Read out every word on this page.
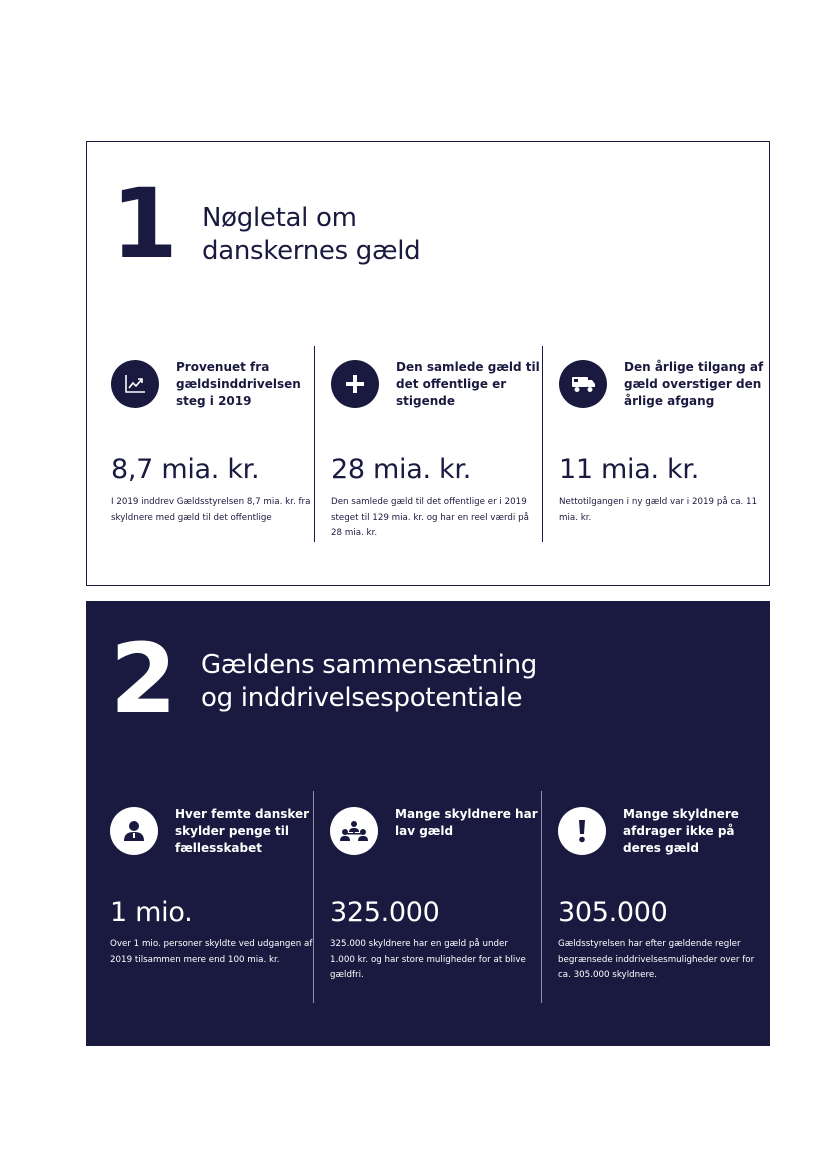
1 Nøgletal om
danskernes gæld
Provenuet fra gældsinddrivelsen steg i 2019
8,7 mia. kr.
I 2019 inddrev Gældsstyrelsen 8,7 mia. kr. fra skyldnere med gæld til det offentlige
Den samlede gæld til det offentlige er stigende
28 mia. kr.
Den samlede gæld til det offentlige er i 2019 steget til 129 mia. kr. og har en reel værdi på 28 mia. kr.
Den årlige tilgang af gæld overstiger den årlige afgang
11 mia. kr.
Nettotilgangen i ny gæld var i 2019 på ca. 11 mia. kr.
2 Gældens sammensætning
og inddrivelsespotentiale
Hver femte dansker skylder penge til fællesskabet
1 mio.
Over 1 mio. personer skyldte ved udgangen af 2019 tilsammen mere end 100 mia. kr.
Mange skyldnere har lav gæld
325.000
325.000 skyldnere har en gæld på under 1.000 kr. og har store muligheder for at blive gældfri.
Mange skyldnere afdrager ikke på deres gæld
305.000
Gældsstyrelsen har efter gældende regler begrænsede inddrivelsesmuligheder over for ca. 305.000 skyldnere.
